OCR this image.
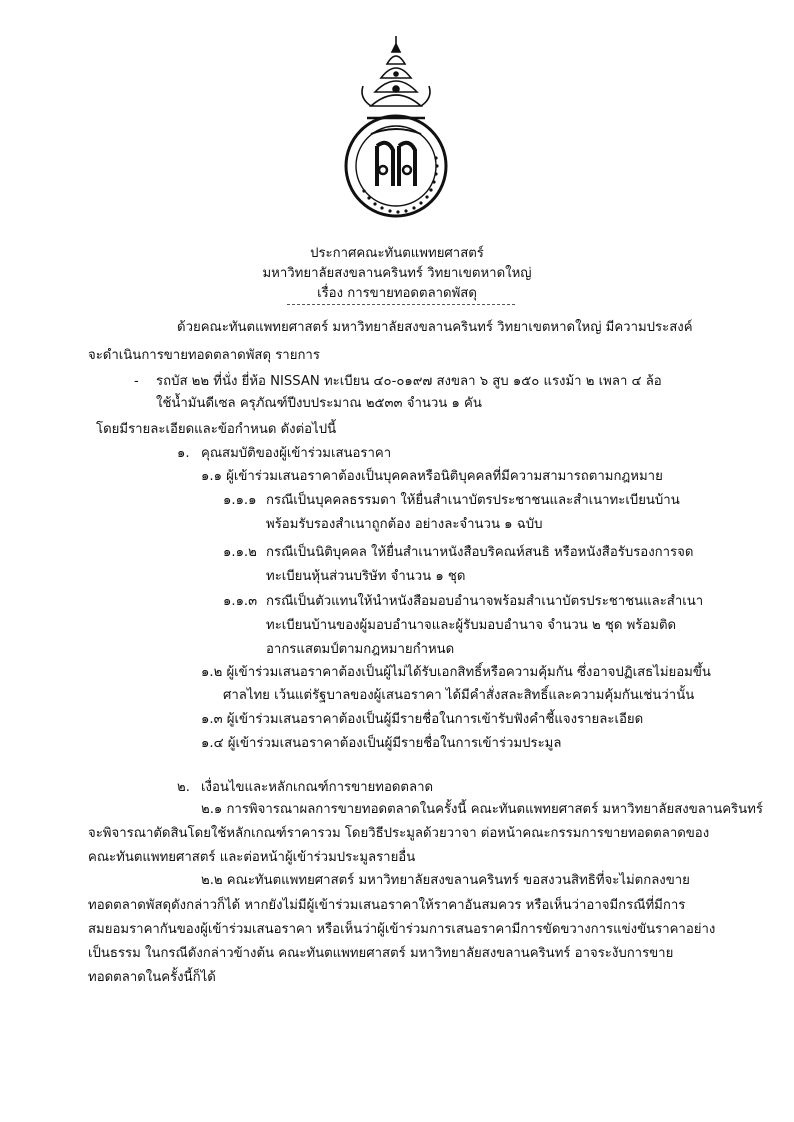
ประกาศคณะทันตแพทยศาสตร์
มหาวิทยาลัยสงขลานครินทร์ วิทยาเขตหาดใหญ่
เรื่อง การขายทอดตลาดพัสดุ
ด้วยคณะทันตแพทยศาสตร์ มหาวิทยาลัยสงขลานครินทร์ วิทยาเขตหาดใหญ่ มีความประสงค์
จะดำเนินการขายทอดตลาดพัสดุ รายการ
- รถบัส ๒๒ ที่นั่ง ยี่ห้อ NISSAN ทะเบียน ๔๐-๐๑๙๗ สงขลา ๖ สูบ ๑๕๐ แรงม้า ๒ เพลา ๔ ล้อ
ใช้น้ำมันดีเซล ครุภัณฑ์ปีงบประมาณ ๒๕๓๓ จำนวน ๑ คัน
โดยมีรายละเอียดและข้อกำหนด ดังต่อไปนี้
๑. คุณสมบัติของผู้เข้าร่วมเสนอราคา
๑.๑ ผู้เข้าร่วมเสนอราคาต้องเป็นบุคคลหรือนิติบุคคลที่มีความสามารถตามกฎหมาย
๑.๑.๑ กรณีเป็นบุคคลธรรมดา ให้ยื่นสำเนาบัตรประชาชนและสำเนาทะเบียนบ้าน
พร้อมรับรองสำเนาถูกต้อง อย่างละจำนวน ๑ ฉบับ
๑.๑.๒ กรณีเป็นนิติบุคคล ให้ยื่นสำเนาหนังสือบริคณห์สนธิ หรือหนังสือรับรองการจด
ทะเบียนหุ้นส่วนบริษัท จำนวน ๑ ชุด
๑.๑.๓ กรณีเป็นตัวแทนให้นำหนังสือมอบอำนาจพร้อมสำเนาบัตรประชาชนและสำเนา
ทะเบียนบ้านของผู้มอบอำนาจและผู้รับมอบอำนาจ จำนวน ๒ ชุด พร้อมติด
อากรแสตมป์ตามกฎหมายกำหนด
๑.๒ ผู้เข้าร่วมเสนอราคาต้องเป็นผู้ไม่ได้รับเอกสิทธิ์หรือความคุ้มกัน ซึ่งอาจปฏิเสธไม่ยอมขึ้น
ศาลไทย เว้นแต่รัฐบาลของผู้เสนอราคา ได้มีคำสั่งสละสิทธิ์และความคุ้มกันเช่นว่านั้น
๑.๓ ผู้เข้าร่วมเสนอราคาต้องเป็นผู้มีรายชื่อในการเข้ารับฟังคำชี้แจงรายละเอียด
๑.๔ ผู้เข้าร่วมเสนอราคาต้องเป็นผู้มีรายชื่อในการเข้าร่วมประมูล
๒. เงื่อนไขและหลักเกณฑ์การขายทอดตลาด
๒.๑ การพิจารณาผลการขายทอดตลาดในครั้งนี้ คณะทันตแพทยศาสตร์ มหาวิทยาลัยสงขลานครินทร์
จะพิจารณาตัดสินโดยใช้หลักเกณฑ์ราคารวม โดยวิธีประมูลด้วยวาจา ต่อหน้าคณะกรรมการขายทอดตลาดของ
คณะทันตแพทยศาสตร์ และต่อหน้าผู้เข้าร่วมประมูลรายอื่น
๒.๒ คณะทันตแพทยศาสตร์ มหาวิทยาลัยสงขลานครินทร์ ขอสงวนสิทธิที่จะไม่ตกลงขาย
ทอดตลาดพัสดุดังกล่าวก็ได้ หากยังไม่มีผู้เข้าร่วมเสนอราคาให้ราคาอันสมควร หรือเห็นว่าอาจมีกรณีที่มีการ
สมยอมราคากันของผู้เข้าร่วมเสนอราคา หรือเห็นว่าผู้เข้าร่วมการเสนอราคามีการขัดขวางการแข่งขันราคาอย่าง
เป็นธรรม ในกรณีดังกล่าวข้างต้น คณะทันตแพทยศาสตร์ มหาวิทยาลัยสงขลานครินทร์ อาจระงับการขาย
ทอดตลาดในครั้งนี้ก็ได้
